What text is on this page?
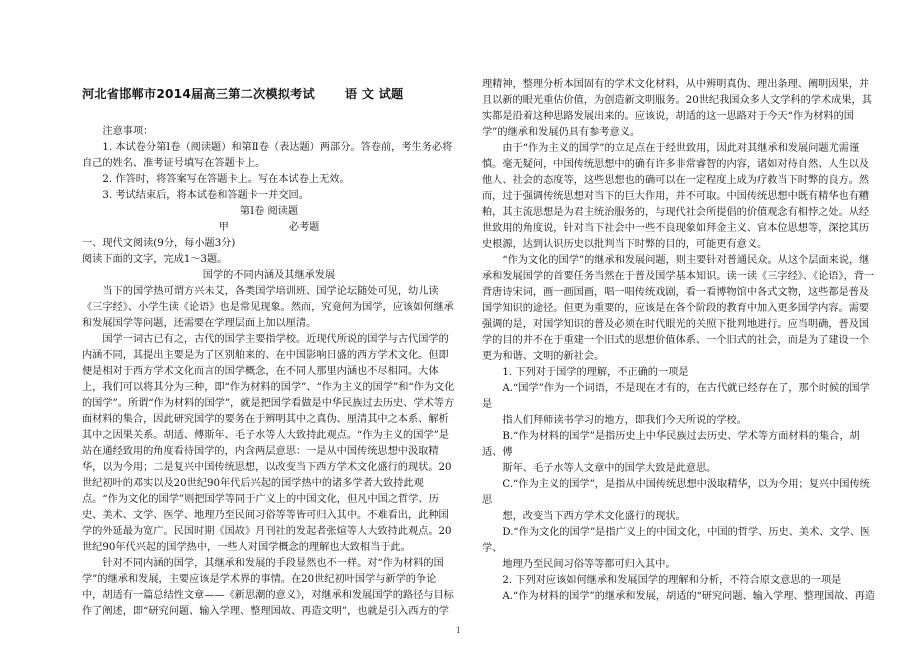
河北省邯郸市2014届高三第二次模拟考试 语 文 试题

注意事项：

1. 本试卷分第Ⅰ卷（阅读题）和第Ⅱ卷（表达题）两部分。答卷前，考生务必将自己的姓名、准考证号填写在答题卡上。

2. 作答时，将答案写在答题卡上。写在本试卷上无效。

3. 考试结束后，将本试卷和答题卡一并交回。

第Ⅰ卷 阅读题

甲	必考题

一、现代文阅读(9分，每小题3分)

阅读下面的文字，完成1～3题。

国学的不同内涵及其继承发展

当下的国学热可谓方兴未艾，各类国学培训班、国学论坛随处可见，幼儿读《三字经》、小学生读《论语》也是常见现象。然而，究竟何为国学，应该如何继承和发展国学等问题，还需要在学理层面上加以厘清。

国学一词古已有之，古代的国学主要指学校。近现代所说的国学与古代国学的内涵不同，其提出主要是为了区别舶来的、在中国影响日盛的西方学术文化。但即便是相对于西方学术文化而言的国学概念，在不同人那里内涵也不尽相同。大体上，我们可以将其分为三种，即“作为材料的国学”、“作为主义的国学”和“作为文化的国学”。所谓“作为材料的国学”，就是把国学看做是中华民族过去历史、学术等方面材料的集合，因此研究国学的要务在于辨明其中之真伪、厘清其中之本系、解析其中之因果关系。胡适、傅斯年、毛子水等人大致持此观点。“作为主义的国学”是站在通经致用的角度看待国学的，内含两层意思：一是从中国传统思想中汲取精华，以为今用；二是复兴中国传统思想，以改变当下西方学术文化盛行的现状。20世纪初叶的邓实以及20世纪90年代后兴起的国学热中的诸多学者大致持此观点。“作为文化的国学”则把国学等同于广义上的中国文化，但凡中国之哲学、历史、美术、文学、医学、地理乃至民间习俗等等皆可归入其中。不难看出，此种国学的外延最为宽广。民国时期《国故》月刊社的发起者张煊等人大致持此观点。20世纪90年代兴起的国学热中，一些人对国学概念的理解也大致相当于此。

针对不同内涵的国学，其继承和发展的手段显然也不一样。对“作为材料的国学”的继承和发展，主要应该是学术界的事情。在20世纪初叶国学与新学的争论中，胡适有一篇总结性文章——《新思潮的意义》，对继承和发展国学的路径与目标作了阐述，即“研究问题、输入学理、整理国故、再造文明”，也就是引入西方的学

理精神，整理分析本国固有的学术文化材料，从中辨明真伪、理出条理、阐明因果，并且以新的眼光重估价值，为创造新文明服务。20世纪我国众多人文学科的学术成果，其实都是沿着这种思路发展出来的。应该说，胡适的这一思路对于今天“作为材料的国学”的继承和发展仍具有参考意义。

由于“作为主义的国学”的立足点在于经世致用，因此对其继承和发展问题尤需谨慎。毫无疑问，中国传统思想中的确有许多非常睿智的内容，诸如对待自然、人生以及他人、社会的态度等，这些思想也的确可以在一定程度上成为疗救当下时弊的良方。然而，过于强调传统思想对当下的巨大作用，并不可取。中国传统思想中既有精华也有糟粕，其主流思想是为君主统治服务的，与现代社会所提倡的价值观念有相悖之处。从经世致用的角度说，针对当下社会中一些不良现象如拜金主义、官本位思想等，深挖其历史根源，达到认识历史以批判当下时弊的目的，可能更有意义。

“作为文化的国学”的继承和发展问题，则主要针对普通民众。从这个层面来说，继承和发展国学的首要任务当然在于普及国学基本知识。读一读《三字经》、《论语》，背一背唐诗宋词，画一画国画，唱一唱传统戏剧，看一看博物馆中各式文物，这些都是普及国学知识的途径。但更为重要的，应该是在各个阶段的教育中加入更多国学内容。需要强调的是，对国学知识的普及必须在时代眼光的关照下批判地进行。应当明确，普及国学的目的并不在于重建一个旧式的思想价值体系、一个旧式的社会，而是为了建设一个更为和谐、文明的新社会。

1. 下列对于国学的理解，不正确的一项是

A.“国学”作为一个词语，不是现在才有的，在古代就已经存在了，那个时候的国学是

指人们拜师读书学习的地方，即我们今天所说的学校。

B.“作为材料的国学”是指历史上中华民族过去历史、学术等方面材料的集合，胡适、傅

斯年、毛子水等人文章中的国学大致是此意思。

C.“作为主义的国学”，是指从中国传统思想中汲取精华，以为今用；复兴中国传统思

想，改变当下西方学术文化盛行的现状。

D.“作为文化的国学”是指广义上的中国文化，中国的哲学、历史、美术、文学、医学、

地理乃至民间习俗等等都可归入其中。

2. 下列对应该如何继承和发展国学的理解和分析，不符合原文意思的一项是

A.“作为材料的国学”的继承和发展，胡适的“研究问题、输入学理、整理国故、再造

1
